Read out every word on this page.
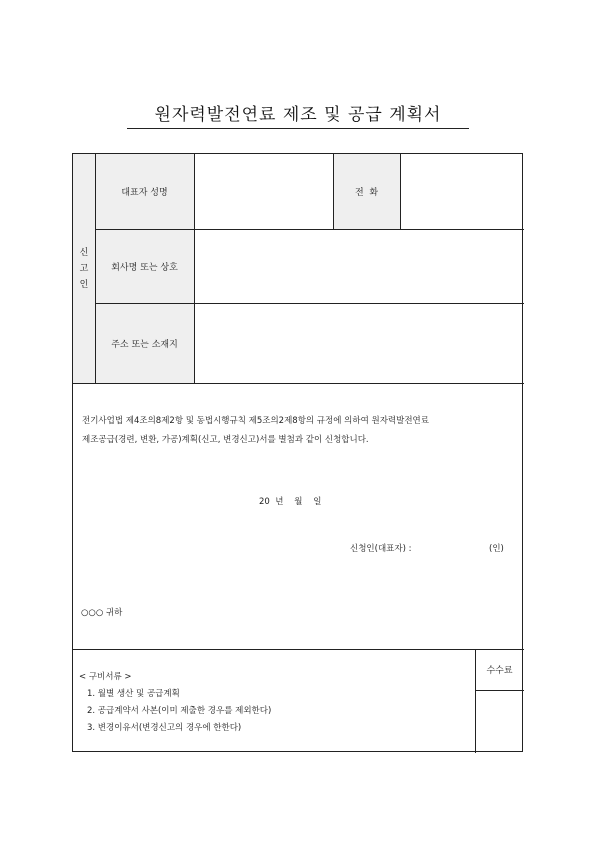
원자력발전연료 제조 및 공급 계획서
신
고
인
대표자 성명	전  화
회사명 또는 상호
주소 또는 소재지
전기사업법 제4조의8제2항 및 동법시행규칙 제5조의2제8항의 규정에 의하여 원자력발전연료
제조공급(경련, 변환, 가공)계획(신고, 변경신고)서를 별첨과 같이 신청합니다.
20  년    월    일
신청인(대표자) :	(인)
○○○ 귀하
< 구비서류 >
1. 월별 생산 및 공급계획
2. 공급계약서 사본(이미 제출한 경우를 제외한다)
3. 변경이유서(변경신고의 경우에 한한다)
수수료
